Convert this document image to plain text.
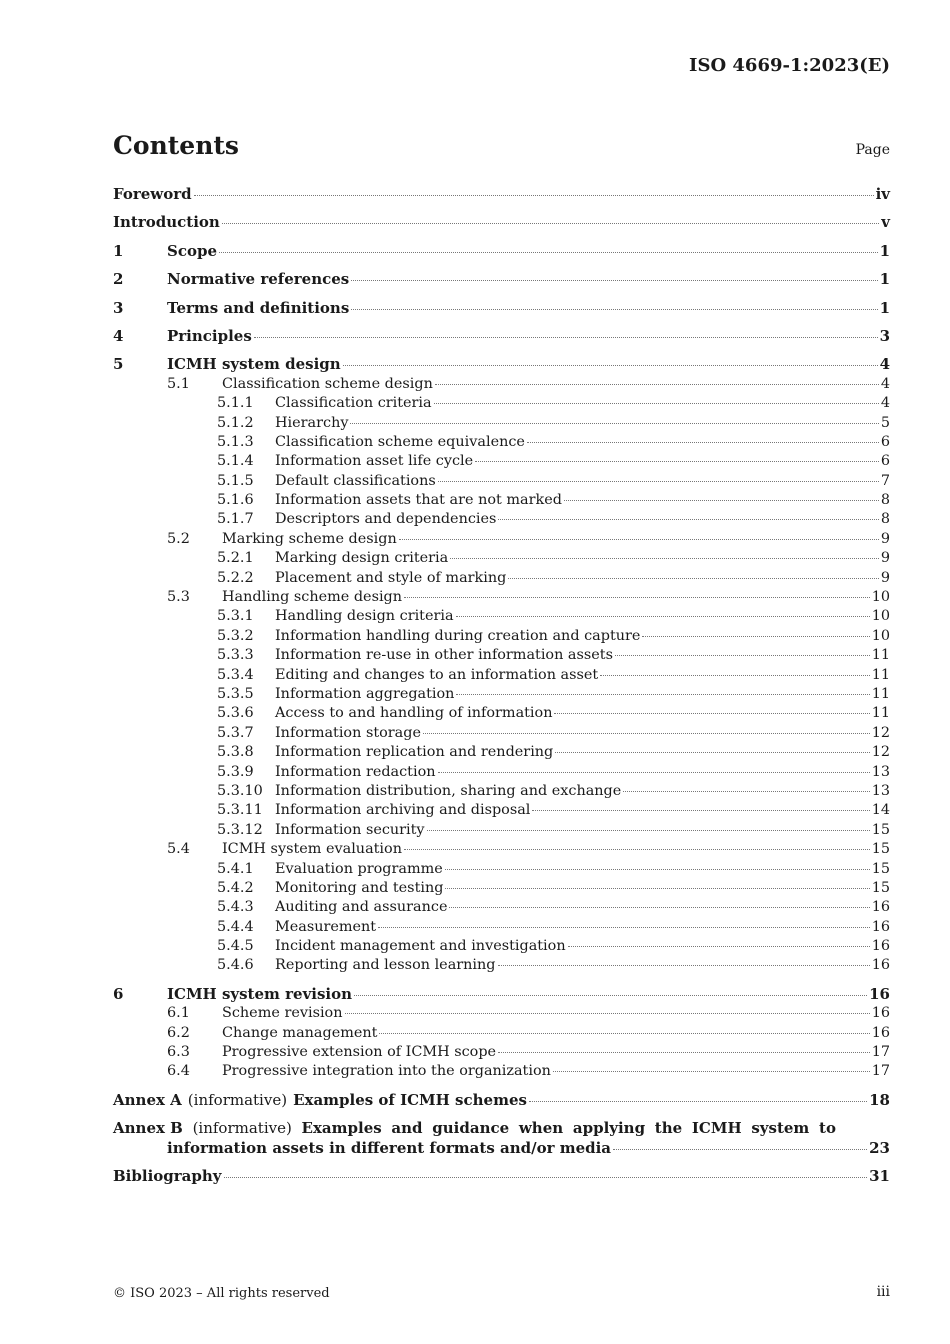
ISO 4669-1:2023(E)
Contents	Page
Foreword	iv
Introduction	v
1	Scope	1
2	Normative references	1
3	Terms and definitions	1
4	Principles	3
5	ICMH system design	4
5.1	Classification scheme design	4
5.1.1	Classification criteria	4
5.1.2	Hierarchy	5
5.1.3	Classification scheme equivalence	6
5.1.4	Information asset life cycle	6
5.1.5	Default classifications	7
5.1.6	Information assets that are not marked	8
5.1.7	Descriptors and dependencies	8
5.2	Marking scheme design	9
5.2.1	Marking design criteria	9
5.2.2	Placement and style of marking	9
5.3	Handling scheme design	10
5.3.1	Handling design criteria	10
5.3.2	Information handling during creation and capture	10
5.3.3	Information re-use in other information assets	11
5.3.4	Editing and changes to an information asset	11
5.3.5	Information aggregation	11
5.3.6	Access to and handling of information	11
5.3.7	Information storage	12
5.3.8	Information replication and rendering	12
5.3.9	Information redaction	13
5.3.10 Information distribution, sharing and exchange	13
5.3.11 Information archiving and disposal	14
5.3.12 Information security	15
5.4	ICMH system evaluation	15
5.4.1	Evaluation programme	15
5.4.2	Monitoring and testing	15
5.4.3	Auditing and assurance	16
5.4.4	Measurement	16
5.4.5	Incident management and investigation	16
5.4.6	Reporting and lesson learning	16
6	ICMH system revision	16
6.1	Scheme revision	16
6.2	Change management	16
6.3	Progressive extension of ICMH scope	17
6.4	Progressive integration into the organization	17
Annex A (informative) Examples of ICMH schemes	18
Annex B (informative) Examples and guidance when applying the ICMH system to
information assets in different formats and/or media	23
Bibliography	31
© ISO 2023 – All rights reserved	iii
